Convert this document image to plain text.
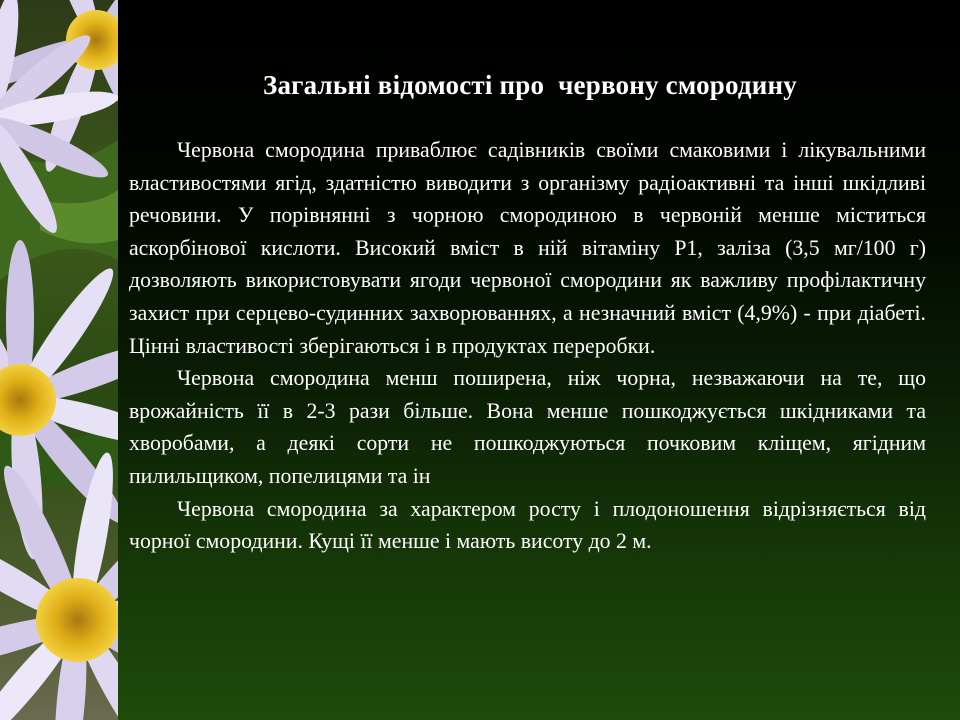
Загальні відомості про  червону смородину

Червона смородина приваблює садівників своїми смаковими і лікувальними властивостями ягід, здатністю виводити з організму радіоактивні та інші шкідливі речовини. У порівнянні з чорною смородиною в червоній менше міститься аскорбінової кислоти. Високий вміст в ній вітаміну Р1, заліза (3,5 мг/100 г) дозволяють використовувати ягоди червоної смородини як важливу профілактичну захист при серцево-судинних захворюваннях, а незначний вміст (4,9%) - при діабеті. Цінні властивості зберігаються і в продуктах переробки.

Червона смородина менш поширена, ніж чорна, незважаючи на те, що врожайність її в 2-3 рази більше. Вона менше пошкоджується шкідниками та хворобами, а деякі сорти не пошкоджуються почковим кліщем, ягідним пилильщиком, попелицями та ін

Червона смородина за характером росту і плодоношення відрізняється від чорної смородини. Кущі її менше і мають висоту до 2 м.
